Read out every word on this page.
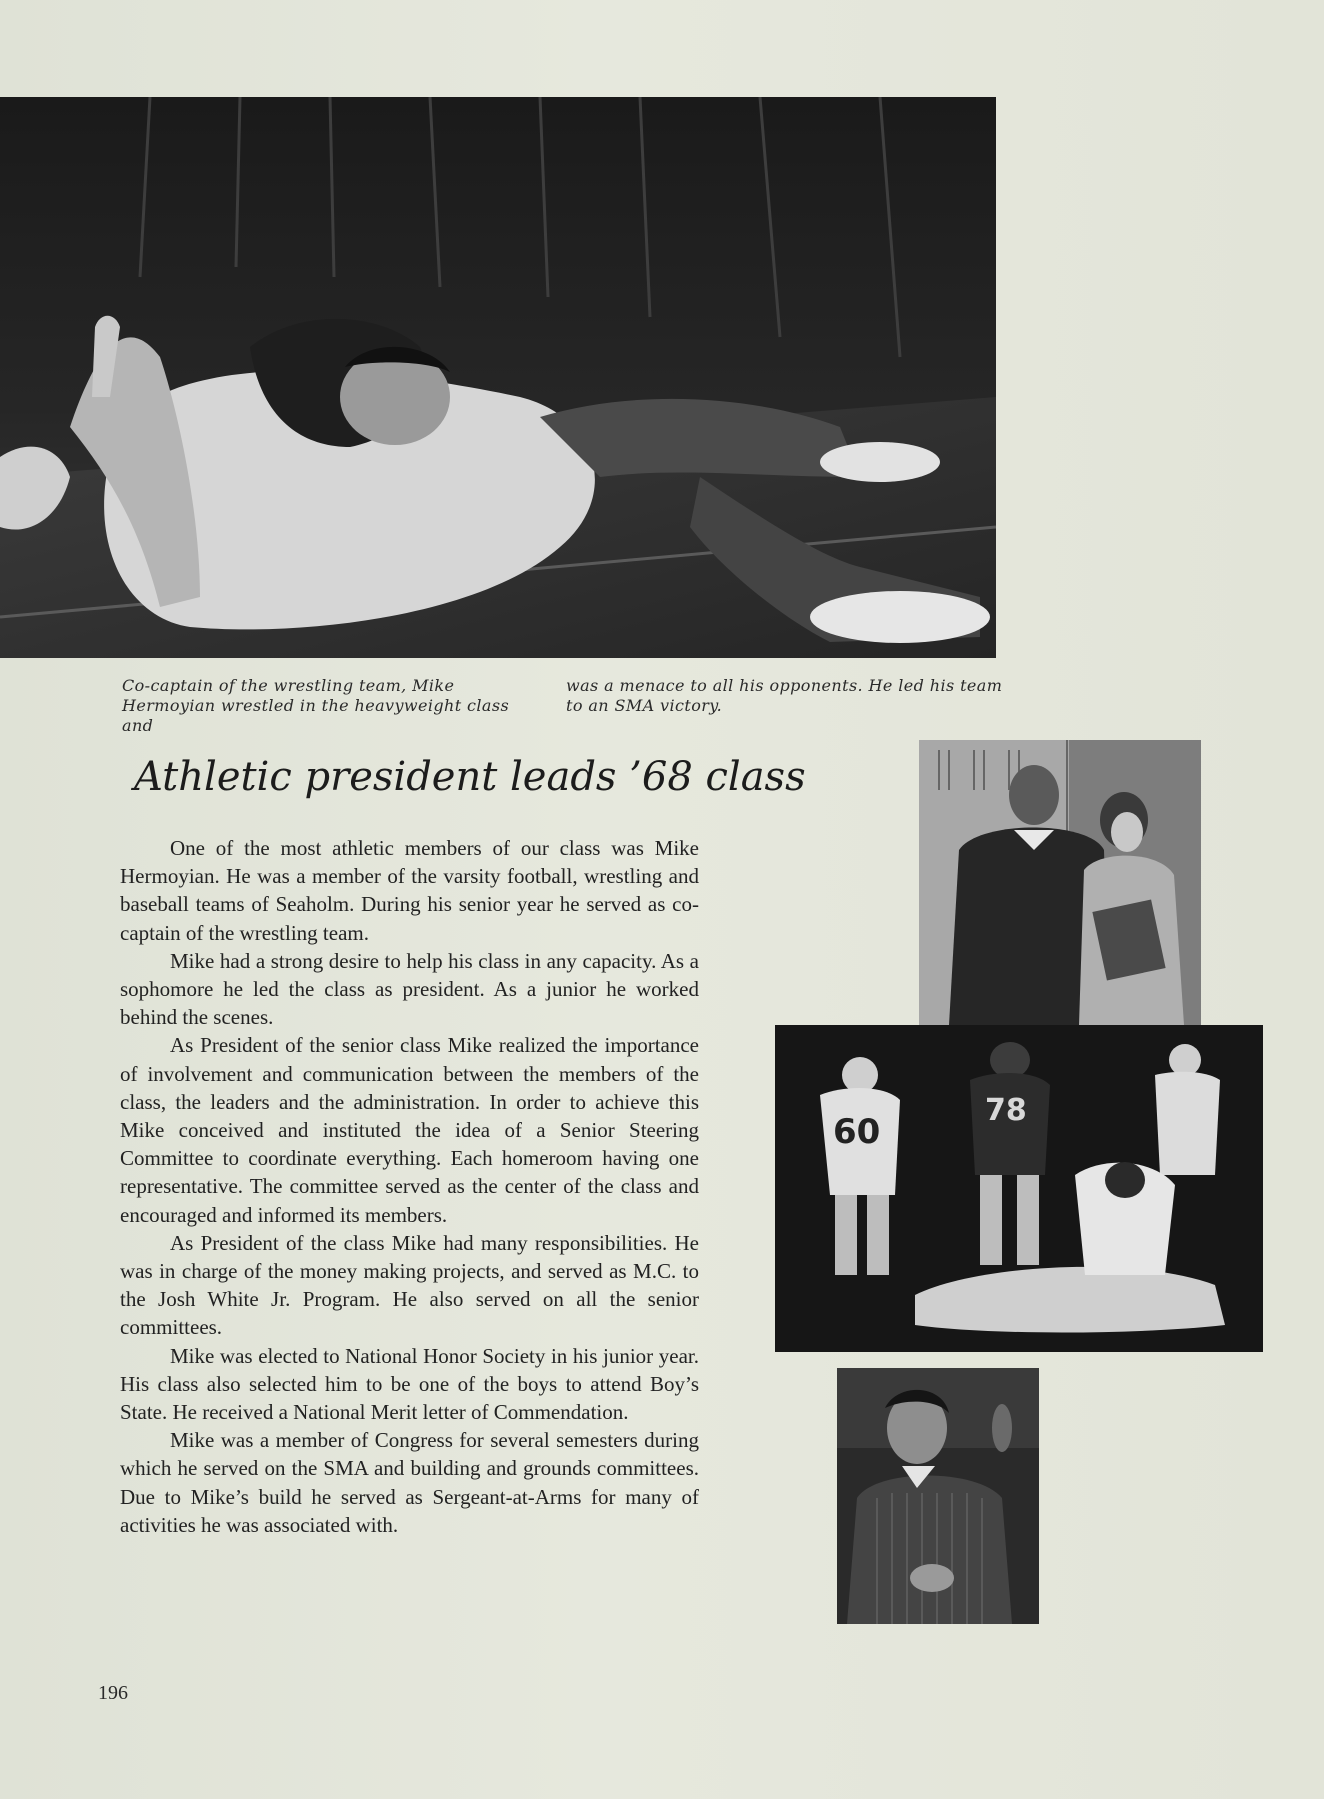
Co-captain of the wrestling team, Mike Hermoyian wrestled in the heavyweight class and

was a menace to all his opponents. He led his team to an SMA victory.

Athletic president leads ’68 class

One of the most athletic members of our class was Mike Hermoyian. He was a member of the varsity football, wrestling and baseball teams of Seaholm. During his senior year he served as co-captain of the wrestling team.

Mike had a strong desire to help his class in any capacity. As a sophomore he led the class as president. As a junior he worked behind the scenes.

As President of the senior class Mike realized the importance of involvement and communication between the members of the class, the leaders and the administration. In order to achieve this Mike conceived and instituted the idea of a Senior Steering Committee to coordinate everything. Each homeroom having one representative. The committee served as the center of the class and encouraged and informed its members.

As President of the class Mike had many responsibilities. He was in charge of the money making projects, and served as M.C. to the Josh White Jr. Program. He also served on all the senior committees.

Mike was elected to National Honor Society in his junior year. His class also selected him to be one of the boys to attend Boy’s State. He received a National Merit letter of Commendation.

Mike was a member of Congress for several semesters during which he served on the SMA and building and grounds committees. Due to Mike’s build he served as Sergeant-at-Arms for many of activities he was associated with.

60
78
196
